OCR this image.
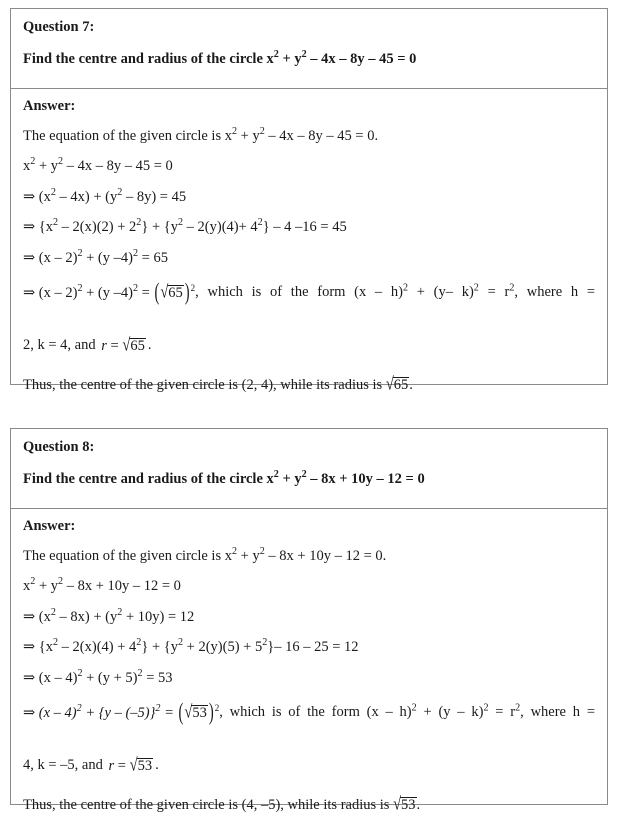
Question 7:
Find the centre and radius of the circle $x^2 + y^2 - 4x - 8y - 45 = 0$
Answer:
The equation of the given circle is $x^2 + y^2 - 4x - 8y - 45 = 0$.
$x^2 + y^2 - 4x - 8y - 45 = 0$
⇒ $(x^2 - 4x) + (y^2 - 8y) = 45$
⇒ $\{x^2 - 2(x)(2) + 2^2\} + \{y^2 - 2(y)(4)+ 4^2\} - 4$ –16 = 45
⇒ (x – 2)$^2$ + (y –4)$^2$ = 65
⇒ (x – 2)$^2$ + (y –4)$^2$ = (√65 )$^2$, which is of the form (x – h)$^2$ + (y– $k)^2 = r^2$, where h =
2, k = 4, and r = √65 .
Thus, the centre of the given circle is (2, 4), while its radius is √65.
Question 8:
Find the centre and radius of the circle $x^2 + y^2 - 8x + 10y - 12 = 0$
Answer:
The equation of the given circle is $x^2 + y^2 - 8x + 10y - 12 = 0$.
$x^2 + y^2 - 8x + 10y - 12 = 0$
⇒ $(x^2 - 8x) + (y^2 + 10y) = 12$
⇒ $\{x^2 - 2(x)(4) + 4^2\} + \{y^2 + 2(y)(5) + 5^2\}-$ 16 – 25 = 12
⇒ $(x - 4)^2 + (y + 5)^2 = 53$
⇒ (x – 4)$^2$ + {y – (–5)}$^2$ = (√53 )$^2$, which is of the form $(x - h)^2 + (y - k)^2 = r^2$, where h =
4, k = –5, and r = √53 .
Thus, the centre of the given circle is (4, –5), while its radius is √53.
